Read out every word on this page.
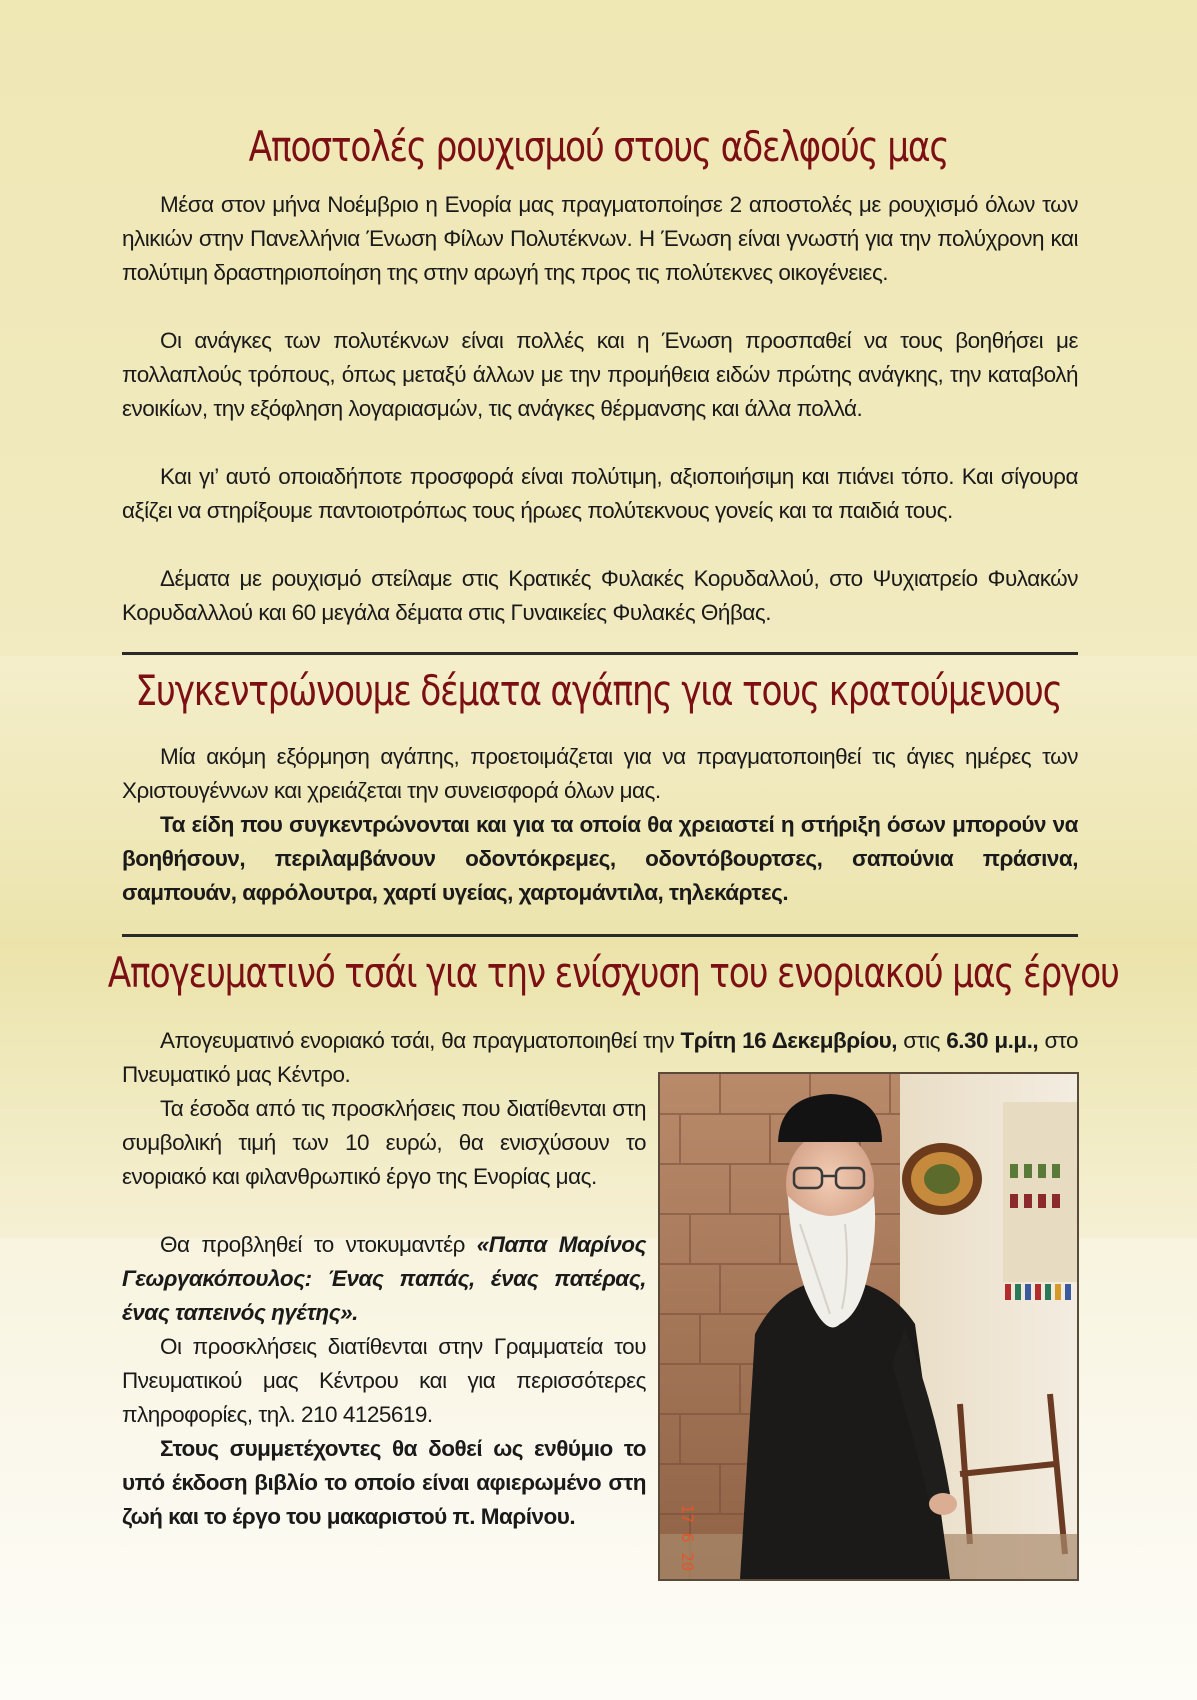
Αποστολές ρουχισμού στους αδελφούς μας

Μέσα στον μήνα Νοέμβριο η Ενορία μας πραγματοποίησε 2 αποστολές με ρουχισμό όλων των ηλικιών στην Πανελλήνια Ένωση Φίλων Πολυτέκνων. Η Ένωση είναι γνωστή για την πολύχρονη και πολύτιμη δραστηριοποίηση της στην αρωγή της προς τις πολύτεκνες οικογένειες.

Οι ανάγκες των πολυτέκνων είναι πολλές και η Ένωση προσπαθεί να τους βοηθήσει με πολλαπλούς τρόπους, όπως μεταξύ άλλων με την προμήθεια ειδών πρώτης ανάγκης, την καταβολή ενοικίων, την εξόφληση λογαριασμών, τις ανάγκες θέρμανσης και άλλα πολλά.

Και γι’ αυτό οποιαδήποτε προσφορά είναι πολύτιμη, αξιοποιήσιμη και πιάνει τόπο. Και σίγουρα αξίζει να στηρίξουμε παντοιοτρόπως τους ήρωες πολύτεκνους γονείς και τα παιδιά τους.

Δέματα με ρουχισμό στείλαμε στις Κρατικές Φυλακές Κορυδαλλού, στο Ψυχιατρείο Φυλακών Κορυδαλλλού και 60 μεγάλα δέματα στις Γυναικείες Φυλακές Θήβας.

Συγκεντρώνουμε δέματα αγάπης για τους κρατούμενους

Μία ακόμη εξόρμηση αγάπης, προετοιμάζεται για να πραγματοποιηθεί τις άγιες ημέρες των Χριστουγέννων και χρειάζεται την συνεισφορά όλων μας.

Τα είδη που συγκεντρώνονται και για τα οποία θα χρειαστεί η στήριξη όσων μπορούν να βοηθήσουν, περιλαμβάνουν οδοντόκρεμες, οδοντόβουρτσες, σαπούνια πράσινα, σαμπουάν, αφρόλουτρα, χαρτί υγείας, χαρτομάντιλα, τηλεκάρτες.

Απογευματινό τσάι για την ενίσχυση του ενοριακού μας έργου

Απογευματινό ενοριακό τσάι, θα πραγματοποιηθεί την Τρίτη 16 Δεκεμβρίου, στις 6.30 μ.μ., στο Πνευματικό μας Κέντρο.

Τα έσοδα από τις προσκλήσεις που διατίθενται στη συμβολική τιμή των 10 ευρώ, θα ενισχύσουν το ενοριακό και φιλανθρωπικό έργο της Ενορίας μας.

Θα προβληθεί το ντοκυμαντέρ «Παπα Μαρίνος Γεωργακόπουλος: Ένας παπάς, ένας πατέρας, ένας ταπεινός ηγέτης».

Οι προσκλήσεις διατίθενται στην Γραμματεία του Πνευματικού μας Κέντρου και για περισσότερες πληροφορίες, τηλ. 210 4125619.

Στους συμμετέχοντες θα δοθεί ως ενθύμιο το υπό έκδοση βιβλίο το οποίο είναι αφιερωμένο στη ζωή και το έργο του μακαριστού π. Μαρίνου.	17 6 20
